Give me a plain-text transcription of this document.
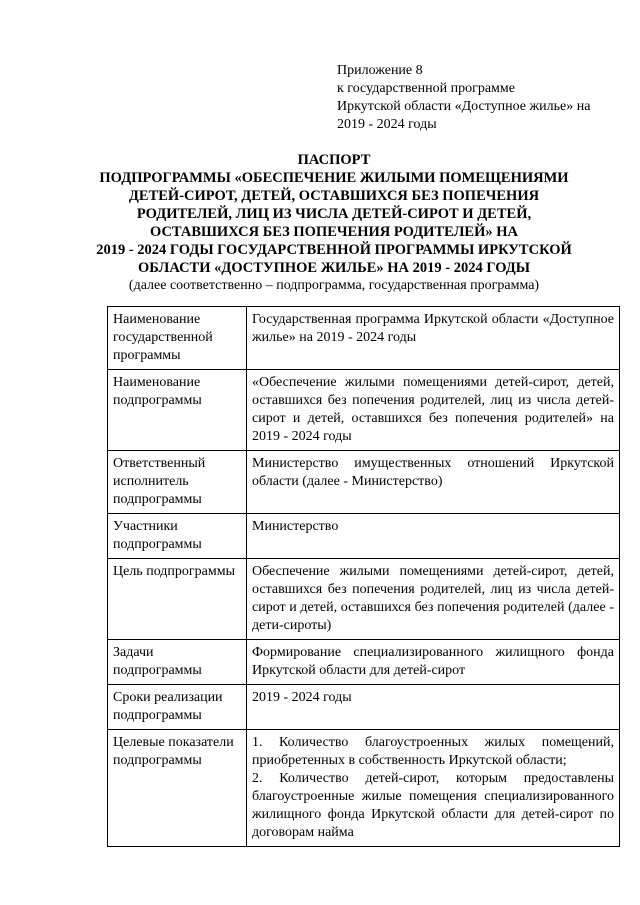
Приложение 8
к государственной программе
Иркутской области «Доступное жилье» на
2019 - 2024 годы
ПАСПОРТ
ПОДПРОГРАММЫ «ОБЕСПЕЧЕНИЕ ЖИЛЫМИ ПОМЕЩЕНИЯМИ
ДЕТЕЙ-СИРОТ, ДЕТЕЙ, ОСТАВШИХСЯ БЕЗ ПОПЕЧЕНИЯ
РОДИТЕЛЕЙ, ЛИЦ ИЗ ЧИСЛА ДЕТЕЙ-СИРОТ И ДЕТЕЙ,
ОСТАВШИХСЯ БЕЗ ПОПЕЧЕНИЯ РОДИТЕЛЕЙ» НА
2019 - 2024 ГОДЫ ГОСУДАРСТВЕННОЙ ПРОГРАММЫ ИРКУТСКОЙ
ОБЛАСТИ «ДОСТУПНОЕ ЖИЛЬЕ» НА 2019 - 2024 ГОДЫ
(далее соответственно – подпрограмма, государственная программа)
Наименование государственной программы	Государственная программа Иркутской области «Доступное жилье» на 2019 - 2024 годы
Наименование подпрограммы	«Обеспечение жилыми помещениями детей-сирот, детей, оставшихся без попечения родителей, лиц из числа детей-сирот и детей, оставшихся без попечения родителей» на 2019 - 2024 годы
Ответственный исполнитель подпрограммы	Министерство имущественных отношений Иркутской области (далее - Министерство)
Участники подпрограммы	Министерство
Цель подпрограммы	Обеспечение жилыми помещениями детей-сирот, детей, оставшихся без попечения родителей, лиц из числа детей-сирот и детей, оставшихся без попечения родителей (далее - дети-сироты)
Задачи подпрограммы	Формирование специализированного жилищного фонда Иркутской области для детей-сирот
Сроки реализации подпрограммы	2019 - 2024 годы
Целевые показатели подпрограммы	1. Количество благоустроенных жилых помещений, приобретенных в собственность Иркутской области;
2. Количество детей-сирот, которым предоставлены благоустроенные жилые помещения специализированного жилищного фонда Иркутской области для детей-сирот по договорам найма
